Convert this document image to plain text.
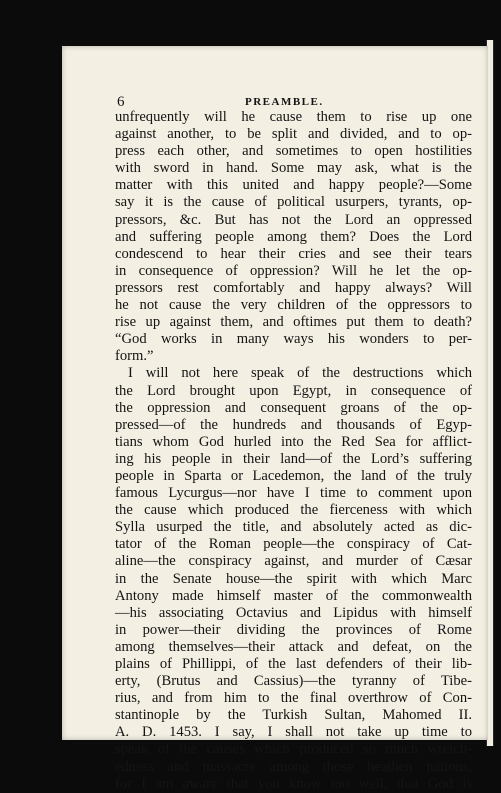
6	PREAMBLE.
unfrequently will he cause them to rise up one
against another, to be split and divided, and to op-
press each other, and sometimes to open hostilities
with sword in hand. Some may ask, what is the
matter with this united and happy people?—Some
say it is the cause of political usurpers, tyrants, op-
pressors, &c. But has not the Lord an oppressed
and suffering people among them? Does the Lord
condescend to hear their cries and see their tears
in consequence of oppression? Will he let the op-
pressors rest comfortably and happy always? Will
he not cause the very children of the oppressors to
rise up against them, and oftimes put them to death?
“God works in many ways his wonders to per-
form.”
I will not here speak of the destructions which
the Lord brought upon Egypt, in consequence of
the oppression and consequent groans of the op-
pressed—of the hundreds and thousands of Egyp-
tians whom God hurled into the Red Sea for afflict-
ing his people in their land—of the Lord’s suffering
people in Sparta or Lacedemon, the land of the truly
famous Lycurgus—nor have I time to comment upon
the cause which produced the fierceness with which
Sylla usurped the title, and absolutely acted as dic-
tator of the Roman people—the conspiracy of Cat-
aline—the conspiracy against, and murder of Cæsar
in the Senate house—the spirit with which Marc
Antony made himself master of the commonwealth
—his associating Octavius and Lipidus with himself
in power—their dividing the provinces of Rome
among themselves—their attack and defeat, on the
plains of Phillippi, of the last defenders of their lib-
erty, (Brutus and Cassius)—the tyranny of Tibe-
rius, and from him to the final overthrow of Con-
stantinople by the Turkish Sultan, Mahomed II.
A. D. 1453. I say, I shall not take up time to
speak of the causes which produced so much wretch-
edness and massacre among those heathen nations,
for I am aware that you know too well, that God is
